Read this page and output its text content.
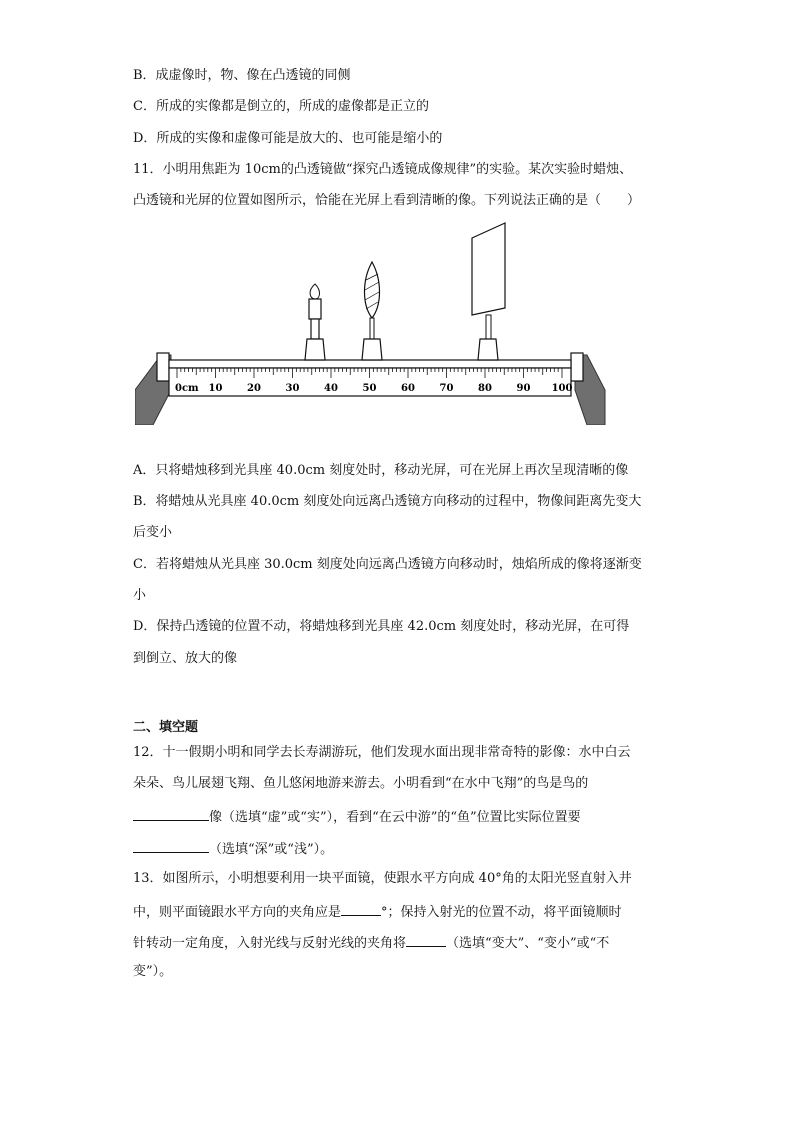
B．成虚像时，物、像在凸透镜的同侧
C．所成的实像都是倒立的，所成的虚像都是正立的
D．所成的实像和虚像可能是放大的、也可能是缩小的
11．小明用焦距为 10cm的凸透镜做“探究凸透镜成像规律”的实验。某次实验时蜡烛、
凸透镜和光屏的位置如图所示，恰能在光屏上看到清晰的像。下列说法正确的是（　　）
0cm 10 20 30 40 50 60 70 80 90 100
A．只将蜡烛移到光具座 40.0cm 刻度处时，移动光屏，可在光屏上再次呈现清晰的像
B．将蜡烛从光具座 40.0cm 刻度处向远离凸透镜方向移动的过程中，物像间距离先变大
后变小
C．若将蜡烛从光具座 30.0cm 刻度处向远离凸透镜方向移动时，烛焰所成的像将逐渐变
小
D．保持凸透镜的位置不动，将蜡烛移到光具座 42.0cm 刻度处时，移动光屏，在可得
到倒立、放大的像
二、填空题
12．十一假期小明和同学去长寿湖游玩，他们发现水面出现非常奇特的影像：水中白云
朵朵、鸟儿展翅飞翔、鱼儿悠闲地游来游去。小明看到“在水中飞翔”的鸟是鸟的
像（选填“虚”或“实”），看到“在云中游”的“鱼”位置比实际位置要
（选填“深”或“浅”）。
13．如图所示，小明想要利用一块平面镜，使跟水平方向成 40°角的太阳光竖直射入井
中，则平面镜跟水平方向的夹角应是	°；保持入射光的位置不动，将平面镜顺时
针转动一定角度，入射光线与反射光线的夹角将	（选填“变大”、“变小”或“不
变”）。
